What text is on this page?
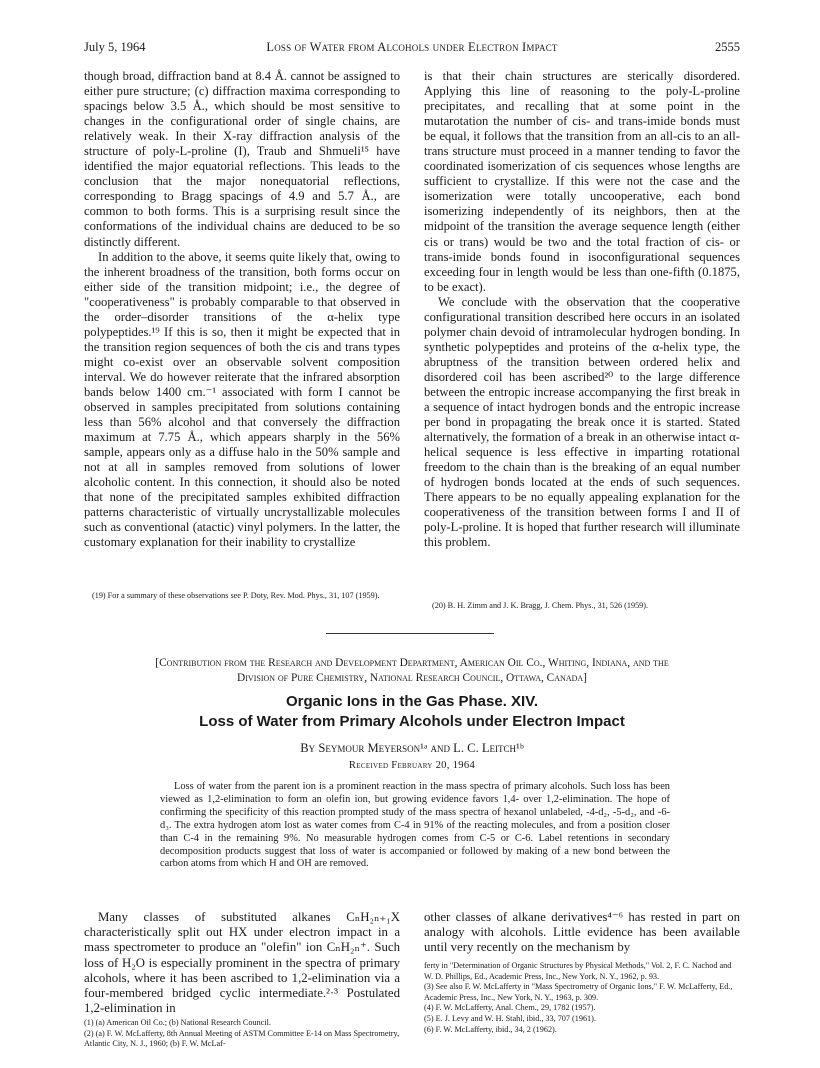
July 5, 1964	Loss of Water from Alcohols under Electron Impact	2555

though broad, diffraction band at 8.4 Å. cannot be assigned to either pure structure; (c) diffraction maxima corresponding to spacings below 3.5 Å., which should be most sensitive to changes in the configurational order of single chains, are relatively weak. In their X-ray diffraction analysis of the structure of poly-L-proline (I), Traub and Shmueli¹⁵ have identified the major equatorial reflections. This leads to the conclusion that the major nonequatorial reflections, corresponding to Bragg spacings of 4.9 and 5.7 Å., are common to both forms. This is a surprising result since the conformations of the individual chains are deduced to be so distinctly different.

In addition to the above, it seems quite likely that, owing to the inherent broadness of the transition, both forms occur on either side of the transition midpoint; i.e., the degree of "cooperativeness" is probably comparable to that observed in the order–disorder transitions of the α-helix type polypeptides.¹⁹ If this is so, then it might be expected that in the transition region sequences of both the cis and trans types might co-exist over an observable solvent composition interval. We do however reiterate that the infrared absorption bands below 1400 cm.⁻¹ associated with form I cannot be observed in samples precipitated from solutions containing less than 56% alcohol and that conversely the diffraction maximum at 7.75 Å., which appears sharply in the 56% sample, appears only as a diffuse halo in the 50% sample and not at all in samples removed from solutions of lower alcoholic content. In this connection, it should also be noted that none of the precipitated samples exhibited diffraction patterns characteristic of virtually uncrystallizable molecules such as conventional (atactic) vinyl polymers. In the latter, the customary explanation for their inability to crystallize

(19) For a summary of these observations see P. Doty, Rev. Mod. Phys., 31, 107 (1959).

is that their chain structures are sterically disordered. Applying this line of reasoning to the poly-L-proline precipitates, and recalling that at some point in the mutarotation the number of cis- and trans-imide bonds must be equal, it follows that the transition from an all-cis to an all-trans structure must proceed in a manner tending to favor the coordinated isomerization of cis sequences whose lengths are sufficient to crystallize. If this were not the case and the isomerization were totally uncooperative, each bond isomerizing independently of its neighbors, then at the midpoint of the transition the average sequence length (either cis or trans) would be two and the total fraction of cis- or trans-imide bonds found in isoconfigurational sequences exceeding four in length would be less than one-fifth (0.1875, to be exact).

We conclude with the observation that the cooperative configurational transition described here occurs in an isolated polymer chain devoid of intramolecular hydrogen bonding. In synthetic polypeptides and proteins of the α-helix type, the abruptness of the transition between ordered helix and disordered coil has been ascribed²⁰ to the large difference between the entropic increase accompanying the first break in a sequence of intact hydrogen bonds and the entropic increase per bond in propagating the break once it is started. Stated alternatively, the formation of a break in an otherwise intact α-helical sequence is less effective in imparting rotational freedom to the chain than is the breaking of an equal number of hydrogen bonds located at the ends of such sequences. There appears to be no equally appealing explanation for the cooperativeness of the transition between forms I and II of poly-L-proline. It is hoped that further research will illuminate this problem.

(20) B. H. Zimm and J. K. Bragg, J. Chem. Phys., 31, 526 (1959).
[Contribution from the Research and Development Department, American Oil Co., Whiting, Indiana, and the
Division of Pure Chemistry, National Research Council, Ottawa, Canada]
Organic Ions in the Gas Phase. XIV.
Loss of Water from Primary Alcohols under Electron Impact
By Seymour Meyerson¹ᵃ and L. C. Leitch¹ᵇ
Received February 20, 1964

Loss of water from the parent ion is a prominent reaction in the mass spectra of primary alcohols. Such loss has been viewed as 1,2-elimination to form an olefin ion, but growing evidence favors 1,4- over 1,2-elimination. The hope of confirming the specificity of this reaction prompted study of the mass spectra of hexanol unlabeled, -4-d₂, -5-d₂, and -6-d₃. The extra hydrogen atom lost as water comes from C-4 in 91% of the reacting molecules, and from a position closer than C-4 in the remaining 9%. No measurable hydrogen comes from C-5 or C-6. Label retentions in secondary decomposition products suggest that loss of water is accompanied or followed by making of a new bond between the carbon atoms from which H and OH are removed.

Many classes of substituted alkanes CₙH₂ₙ₊₁X characteristically split out HX under electron impact in a mass spectrometer to produce an "olefin" ion CₙH₂ₙ⁺. Such loss of H₂O is especially prominent in the spectra of primary alcohols, where it has been ascribed to 1,2-elimination via a four-membered bridged cyclic intermediate.²·³ Postulated 1,2-elimination in

(1) (a) American Oil Co.; (b) National Research Council.
(2) (a) F. W. McLafferty, 8th Annual Meeting of ASTM Committee E-14 on Mass Spectrometry, Atlantic City, N. J., 1960; (b) F. W. McLaf-

other classes of alkane derivatives⁴⁻⁶ has rested in part on analogy with alcohols. Little evidence has been available until very recently on the mechanism by

ferty in "Determination of Organic Structures by Physical Methods," Vol. 2, F. C. Nachod and W. D. Phillips, Ed., Academic Press, Inc., New York, N. Y., 1962, p. 93.
(3) See also F. W. McLafferty in "Mass Spectrometry of Organic Ions," F. W. McLafferty, Ed., Academic Press, Inc., New York, N. Y., 1963, p. 309.
(4) F. W. McLafferty, Anal. Chem., 29, 1782 (1957).
(5) E. J. Levy and W. H. Stahl, ibid., 33, 707 (1961).
(6) F. W. McLafferty, ibid., 34, 2 (1962).
